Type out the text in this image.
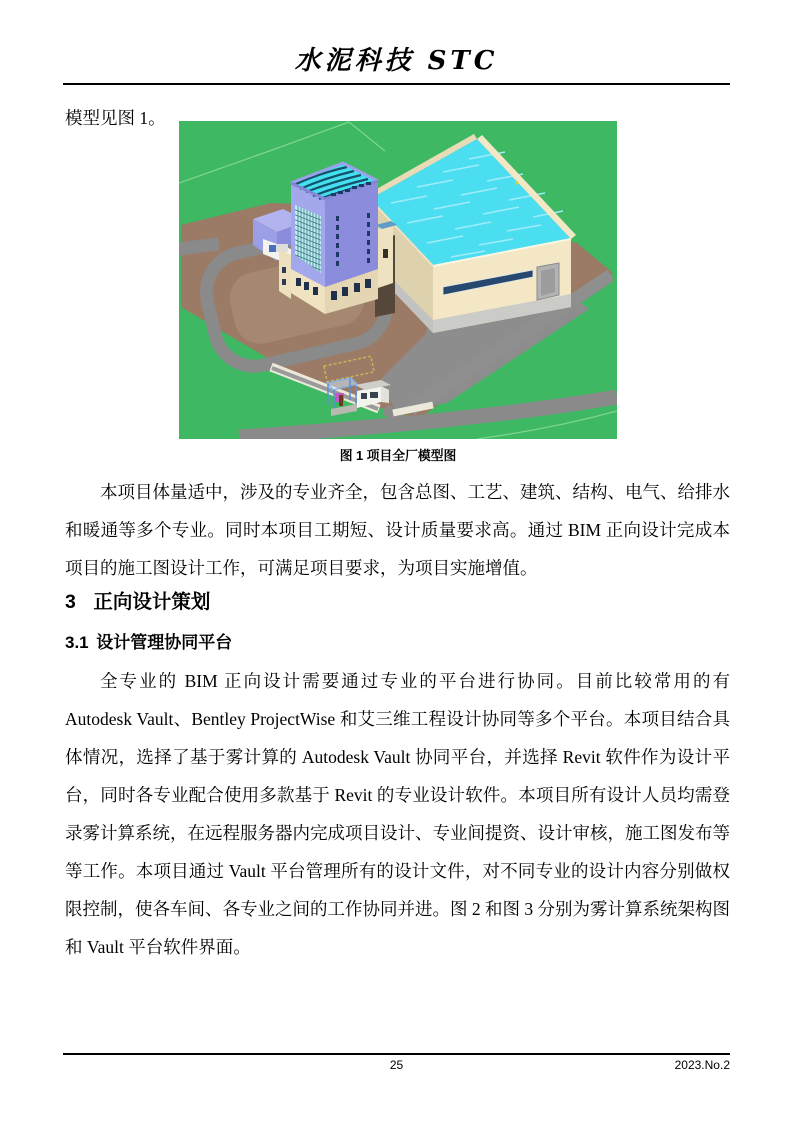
水泥科技 STC

模型见图 1。

图 1 项目全厂模型图

本项目体量适中，涉及的专业齐全，包含总图、工艺、建筑、结构、电气、给排水和暖通等多个专业。同时本项目工期短、设计质量要求高。通过 BIM 正向设计完成本项目的施工图设计工作，可满足项目要求，为项目实施增值。

3 正向设计策划
3.1 设计管理协同平台

全专业的 BIM 正向设计需要通过专业的平台进行协同。目前比较常用的有 Autodesk Vault、Bentley ProjectWise 和艾三维工程设计协同等多个平台。本项目结合具体情况，选择了基于雾计算的 Autodesk Vault 协同平台，并选择 Revit 软件作为设计平台，同时各专业配合使用多款基于 Revit 的专业设计软件。本项目所有设计人员均需登录雾计算系统，在远程服务器内完成项目设计、专业间提资、设计审核，施工图发布等等工作。本项目通过 Vault 平台管理所有的设计文件，对不同专业的设计内容分别做权限控制，使各车间、各专业之间的工作协同并进。图 2 和图 3 分别为雾计算系统架构图和 Vault 平台软件界面。

25	2023.No.2
